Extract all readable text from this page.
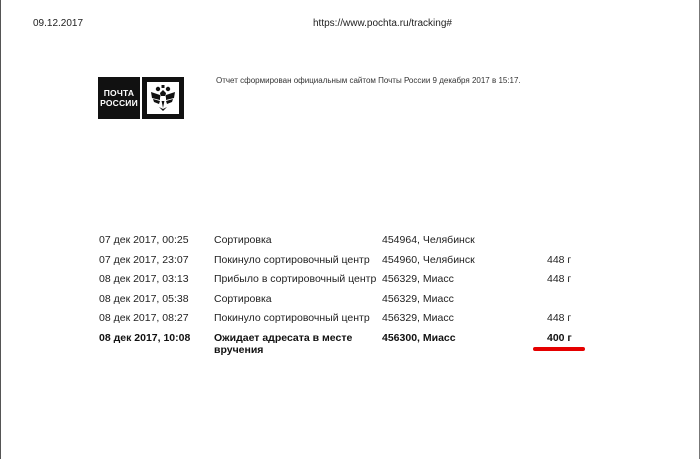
09.12.2017	https://www.pochta.ru/tracking#
ПОЧТА
РОССИИ
Отчет сформирован официальным сайтом Почты России 9 декабря 2017 в 15:17.
07 дек 2017, 00:25	Сортировка	454964, Челябинск	
07 дек 2017, 23:07	Покинуло сортировочный центр	454960, Челябинск	448 г
08 дек 2017, 03:13	Прибыло в сортировочный центр	456329, Миасс	448 г
08 дек 2017, 05:38	Сортировка	456329, Миасс	
08 дек 2017, 08:27	Покинуло сортировочный центр	456329, Миасс	448 г
08 дек 2017, 10:08	Ожидает адресата в месте вручения	456300, Миасс	400 г
